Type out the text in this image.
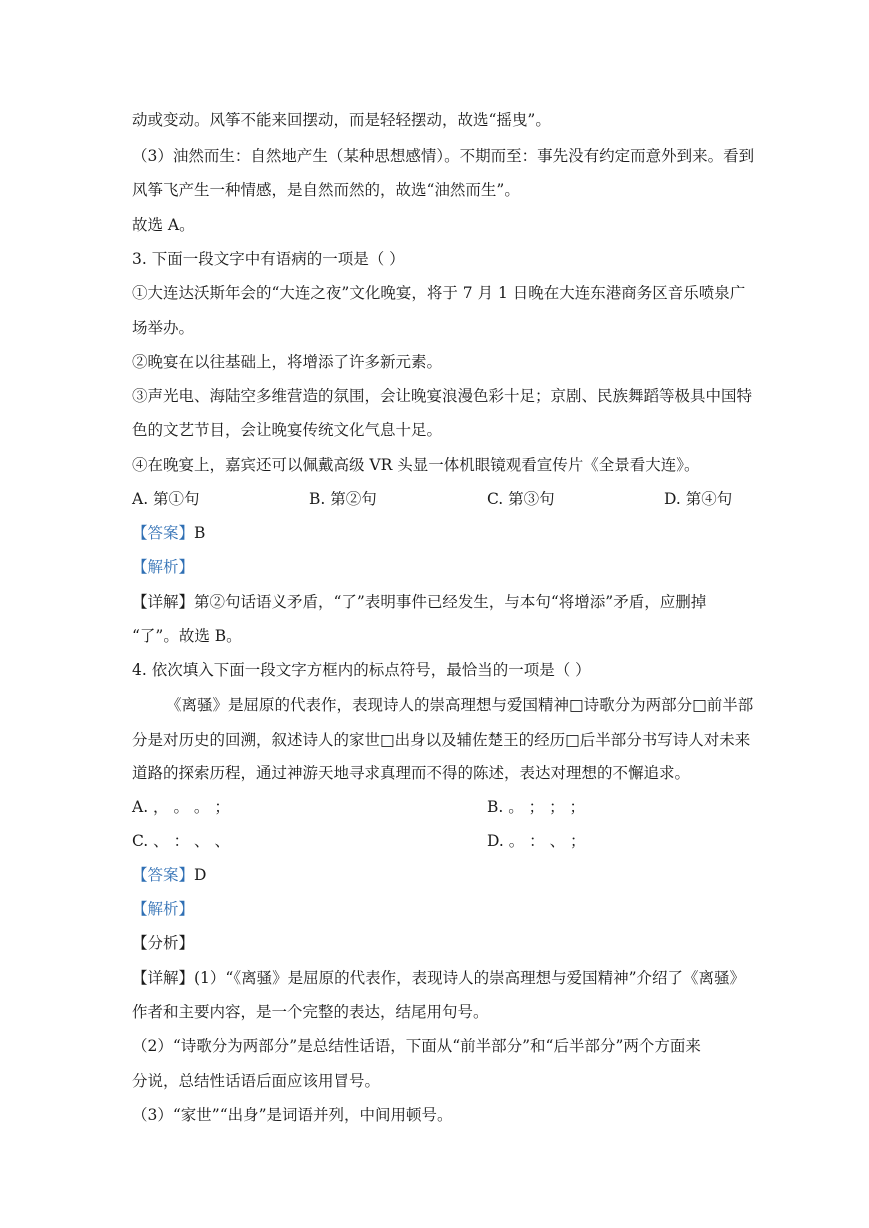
动或变动。风筝不能来回摆动，而是轻轻摆动，故选“摇曳”。
（3）油然而生：自然地产生（某种思想感情）。不期而至：事先没有约定而意外到来。看到
风筝飞产生一种情感，是自然而然的，故选“油然而生”。
故选 A。
3. 下面一段文字中有语病的一项是（ ）
①大连达沃斯年会的“大连之夜”文化晚宴，将于 7 月 1 日晚在大连东港商务区音乐喷泉广
场举办。
②晚宴在以往基础上，将增添了许多新元素。
③声光电、海陆空多维营造的氛围，会让晚宴浪漫色彩十足；京剧、民族舞蹈等极具中国特
色的文艺节目，会让晚宴传统文化气息十足。
④在晚宴上，嘉宾还可以佩戴高级 VR 头显一体机眼镜观看宣传片《全景看大连》。
A. 第①句	B. 第②句	C. 第③句	D. 第④句
【答案】B
【解析】
【详解】第②句话语义矛盾，“了”表明事件已经发生，与本句“将增添”矛盾，应删掉
“了”。故选 B。
4. 依次填入下面一段文字方框内的标点符号，最恰当的一项是（ ）
《离骚》是屈原的代表作，表现诗人的崇高理想与爱国精神□诗歌分为两部分□前半部
分是对历史的回溯，叙述诗人的家世□出身以及辅佐楚王的经历□后半部分书写诗人对未来
道路的探索历程，通过神游天地寻求真理而不得的陈述，表达对理想的不懈追求。
A. ， 。 。 ；	B. 。 ； ； ；
C. 、 ： 、 、	D. 。 ： 、 ；
【答案】D
【解析】
【分析】
【详解】(1）“《离骚》是屈原的代表作，表现诗人的崇高理想与爱国精神”介绍了《离骚》
作者和主要内容，是一个完整的表达，结尾用句号。
（2）“诗歌分为两部分”是总结性话语，下面从“前半部分”和“后半部分”两个方面来
分说，总结性话语后面应该用冒号。
（3）“家世”“出身”是词语并列，中间用顿号。
